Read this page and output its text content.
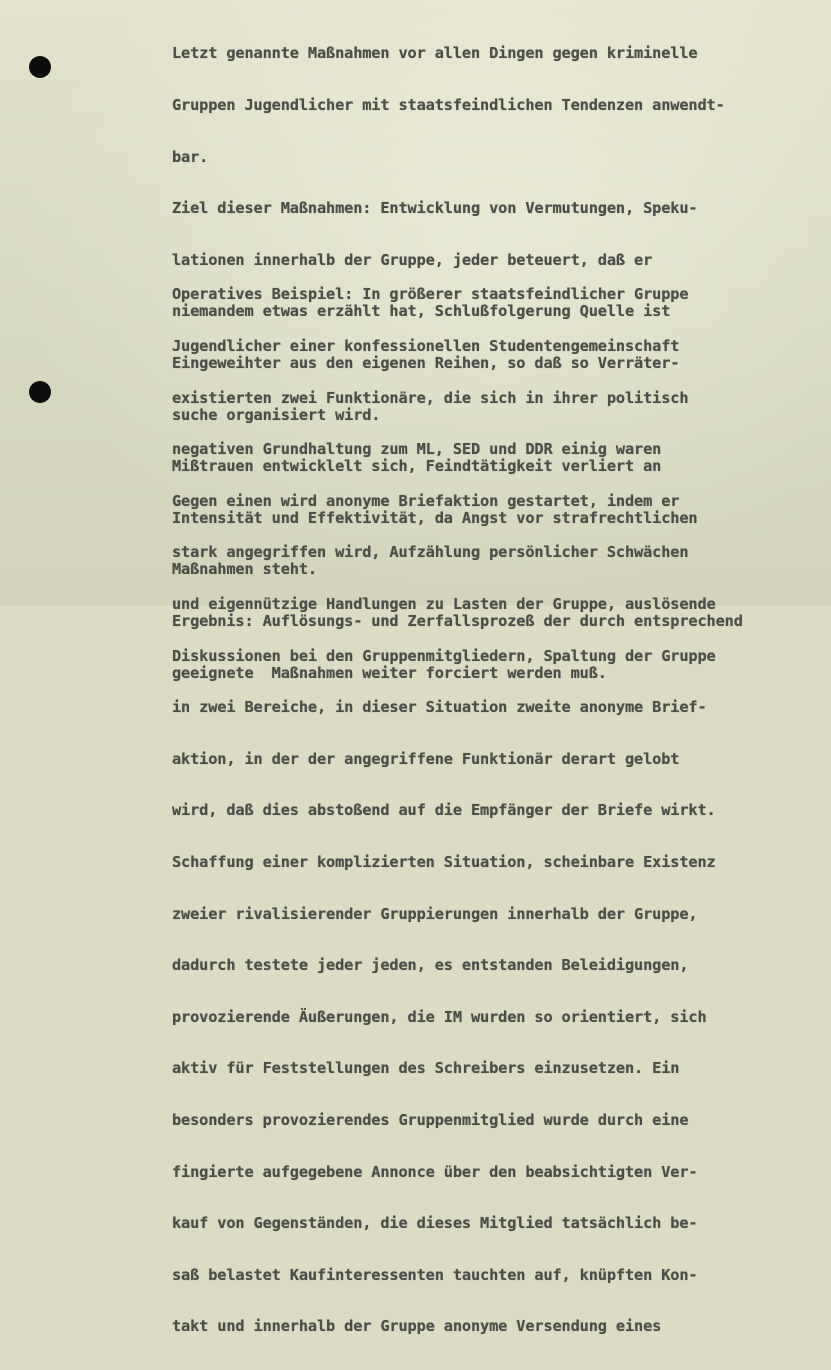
Letzt genannte Maßnahmen vor allen Dingen gegen kriminelle

Gruppen Jugendlicher mit staatsfeindlichen Tendenzen anwendt-

bar.

Ziel dieser Maßnahmen: Entwicklung von Vermutungen, Speku-

lationen innerhalb der Gruppe, jeder beteuert, daß er

niemandem etwas erzählt hat, Schlußfolgerung Quelle ist

Eingeweihter aus den eigenen Reihen, so daß so Verräter-

suche organisiert wird.

Mißtrauen entwicklelt sich, Feindtätigkeit verliert an

Intensität und Effektivität, da Angst vor strafrechtlichen

Maßnahmen steht.

Ergebnis: Auflösungs- und Zerfallsprozeß der durch entsprechend

geeignete  Maßnahmen weiter forciert werden muß.

Operatives Beispiel: In größerer staatsfeindlicher Gruppe

Jugendlicher einer konfessionellen Studentengemeinschaft

existierten zwei Funktionäre, die sich in ihrer politisch

negativen Grundhaltung zum ML, SED und DDR einig waren

Gegen einen wird anonyme Briefaktion gestartet, indem er

stark angegriffen wird, Aufzählung persönlicher Schwächen

und eigennützige Handlungen zu Lasten der Gruppe, auslösende

Diskussionen bei den Gruppenmitgliedern, Spaltung der Gruppe

in zwei Bereiche, in dieser Situation zweite anonyme Brief-

aktion, in der der angegriffene Funktionär derart gelobt

wird, daß dies abstoßend auf die Empfänger der Briefe wirkt.

Schaffung einer komplizierten Situation, scheinbare Existenz

zweier rivalisierender Gruppierungen innerhalb der Gruppe,

dadurch testete jeder jeden, es entstanden Beleidigungen,

provozierende Äußerungen, die IM wurden so orientiert, sich

aktiv für Feststellungen des Schreibers einzusetzen. Ein

besonders provozierendes Gruppenmitglied wurde durch eine

fingierte aufgegebene Annonce über den beabsichtigten Ver-

kauf von Gegenständen, die dieses Mitglied tatsächlich be-

saß belastet Kaufinteressenten tauchten auf, knüpften Kon-

takt und innerhalb der Gruppe anonyme Versendung eines
